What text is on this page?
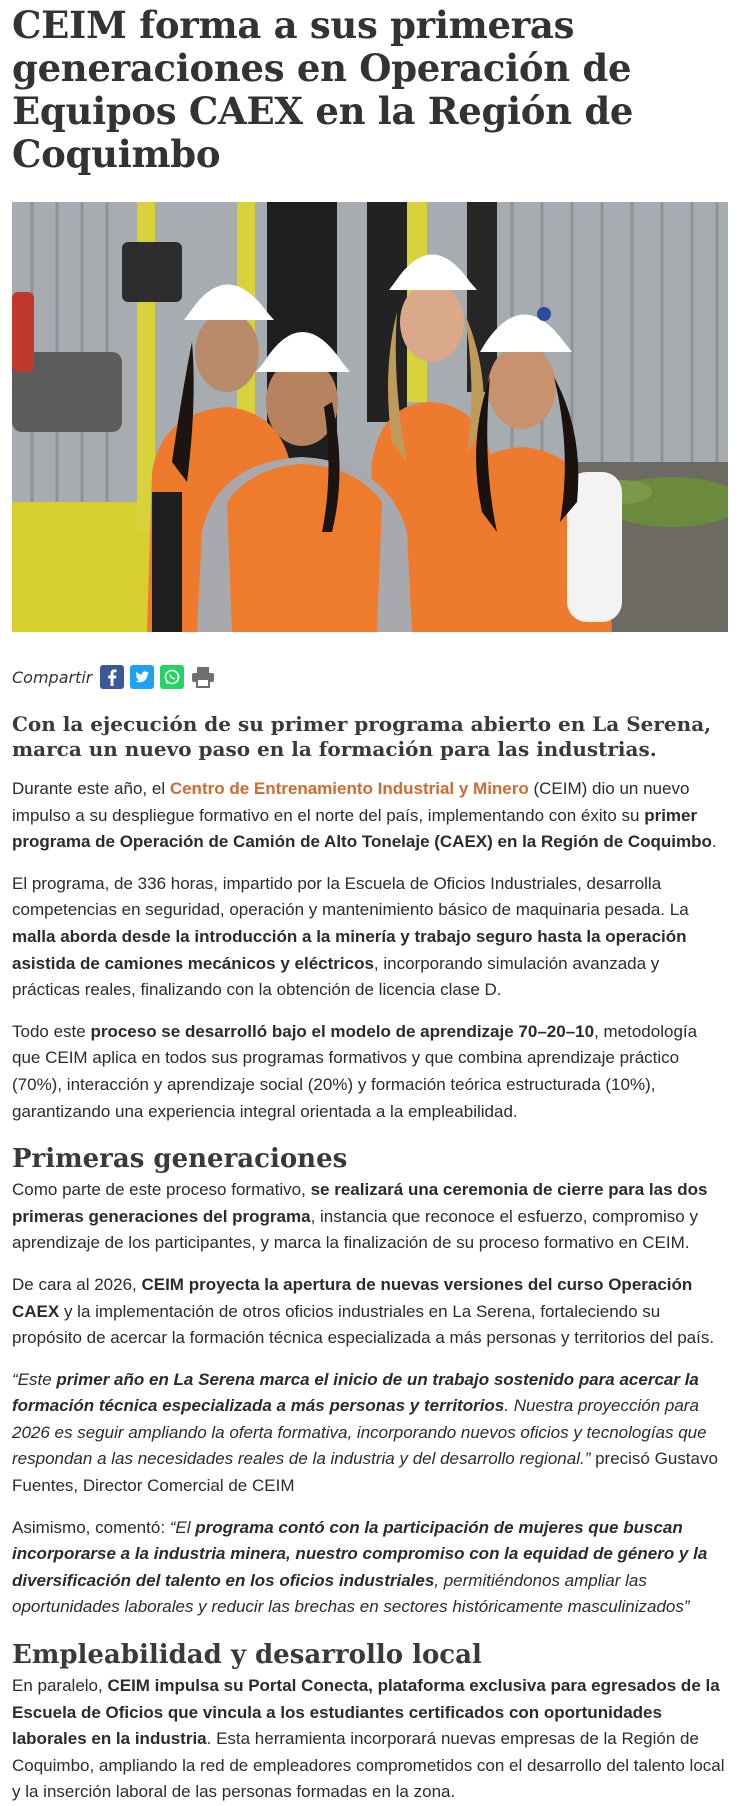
CEIM forma a sus primeras generaciones en Operación de Equipos CAEX en la Región de Coquimbo
Compartir
Con la ejecución de su primer programa abierto en La Serena, marca un nuevo paso en la formación para las industrias.

Durante este año, el Centro de Entrenamiento Industrial y Minero (CEIM) dio un nuevo impulso a su despliegue formativo en el norte del país, implementando con éxito su primer programa de Operación de Camión de Alto Tonelaje (CAEX) en la Región de Coquimbo.

El programa, de 336 horas, impartido por la Escuela de Oficios Industriales, desarrolla competencias en seguridad, operación y mantenimiento básico de maquinaria pesada. La malla aborda desde la introducción a la minería y trabajo seguro hasta la operación asistida de camiones mecánicos y eléctricos, incorporando simulación avanzada y prácticas reales, finalizando con la obtención de licencia clase D.

Todo este proceso se desarrolló bajo el modelo de aprendizaje 70–20–10, metodología que CEIM aplica en todos sus programas formativos y que combina aprendizaje práctico (70%), interacción y aprendizaje social (20%) y formación teórica estructurada (10%), garantizando una experiencia integral orientada a la empleabilidad.

Primeras generaciones

Como parte de este proceso formativo, se realizará una ceremonia de cierre para las dos primeras generaciones del programa, instancia que reconoce el esfuerzo, compromiso y aprendizaje de los participantes, y marca la finalización de su proceso formativo en CEIM.

De cara al 2026, CEIM proyecta la apertura de nuevas versiones del curso Operación CAEX y la implementación de otros oficios industriales en La Serena, fortaleciendo su propósito de acercar la formación técnica especializada a más personas y territorios del país.

“Este primer año en La Serena marca el inicio de un trabajo sostenido para acercar la formación técnica especializada a más personas y territorios. Nuestra proyección para 2026 es seguir ampliando la oferta formativa, incorporando nuevos oficios y tecnologías que respondan a las necesidades reales de la industria y del desarrollo regional.” precisó Gustavo Fuentes, Director Comercial de CEIM

Asimismo, comentó: “El programa contó con la participación de mujeres que buscan incorporarse a la industria minera, nuestro compromiso con la equidad de género y la diversificación del talento en los oficios industriales, permitiéndonos ampliar las oportunidades laborales y reducir las brechas en sectores históricamente masculinizados”

Empleabilidad y desarrollo local

En paralelo, CEIM impulsa su Portal Conecta, plataforma exclusiva para egresados de la Escuela de Oficios que vincula a los estudiantes certificados con oportunidades laborales en la industria. Esta herramienta incorporará nuevas empresas de la Región de Coquimbo, ampliando la red de empleadores comprometidos con el desarrollo del talento local y la inserción laboral de las personas formadas en la zona.
